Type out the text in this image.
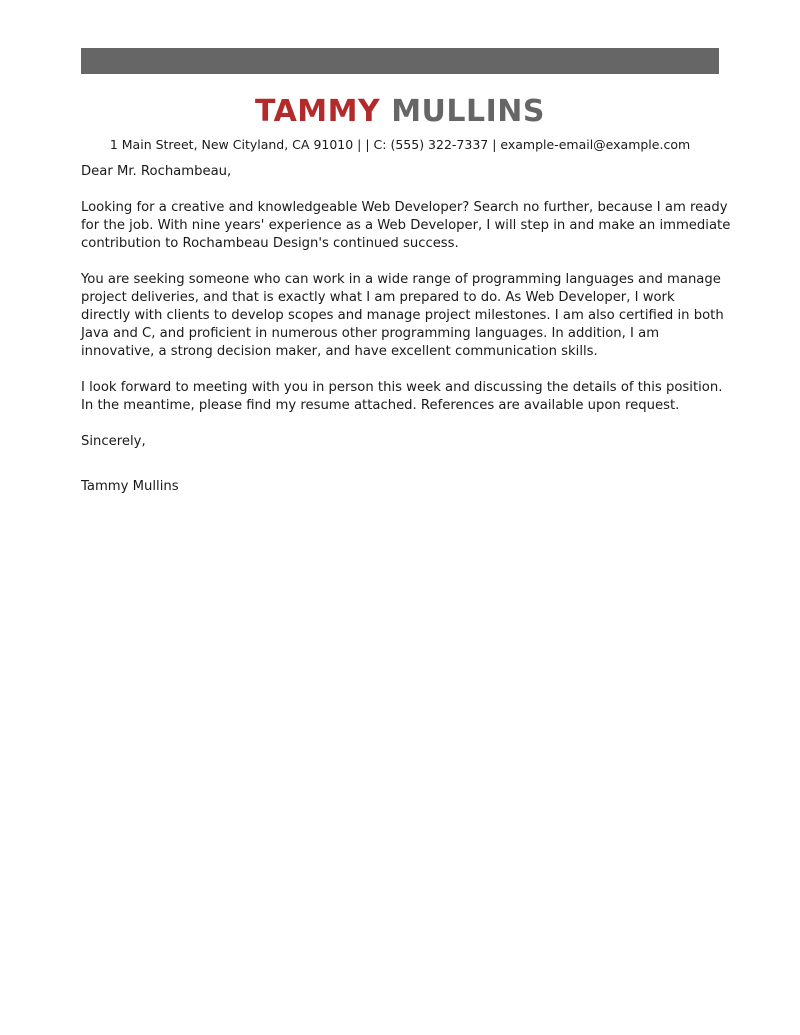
TAMMY MULLINS
1 Main Street, New Cityland, CA 91010 | | C: (555) 322-7337 | example-email@example.com

Dear Mr. Rochambeau,

Looking for a creative and knowledgeable Web Developer? Search no further, because I am ready
for the job. With nine years' experience as a Web Developer, I will step in and make an immediate
contribution to Rochambeau Design's continued success.

You are seeking someone who can work in a wide range of programming languages and manage
project deliveries, and that is exactly what I am prepared to do. As Web Developer, I work
directly with clients to develop scopes and manage project milestones. I am also certified in both
Java and C, and proficient in numerous other programming languages. In addition, I am
innovative, a strong decision maker, and have excellent communication skills.

I look forward to meeting with you in person this week and discussing the details of this position.
In the meantime, please find my resume attached. References are available upon request.

Sincerely,

Tammy Mullins
